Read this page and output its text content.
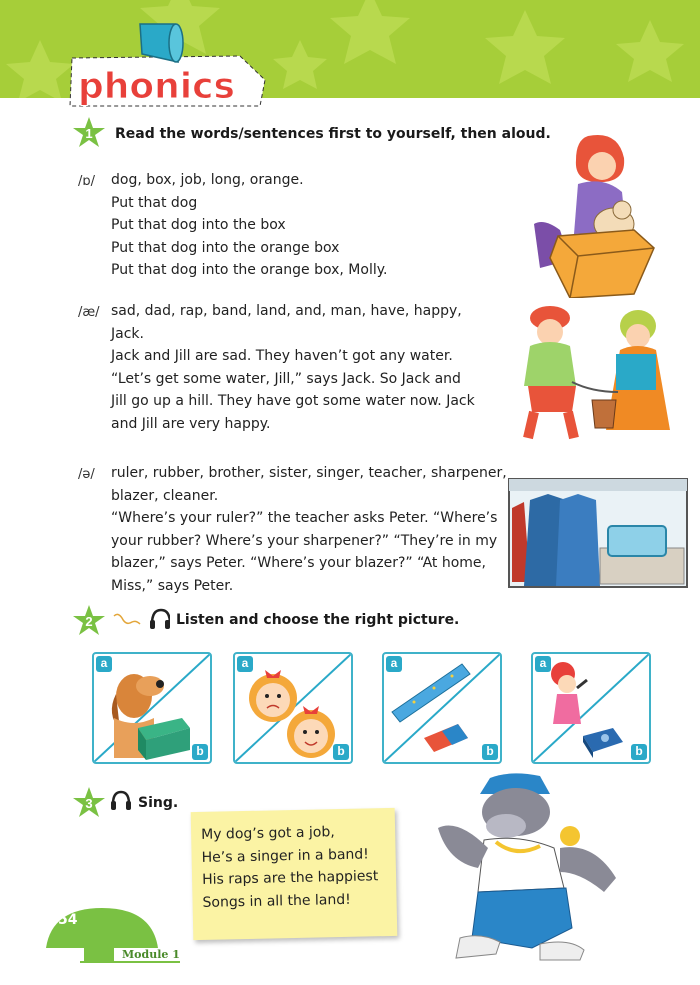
phonics
1 Read the words/sentences first to yourself, then aloud.
/ɒ/ dog, box, job, long, orange.
Put that dog
Put that dog into the box
Put that dog into the orange box
Put that dog into the orange box, Molly.
/æ/ sad, dad, rap, band, land, and, man, have, happy,
Jack.
Jack and Jill are sad. They haven’t got any water.
“Let’s get some water, Jill,” says Jack. So Jack and
Jill go up a hill. They have got some water now. Jack
and Jill are very happy.
/ə/ ruler, rubber, brother, sister, singer, teacher, sharpener,
blazer, cleaner.
“Where’s your ruler?” the teacher asks Peter. “Where’s
your rubber? Where’s your sharpener?” “They’re in my
blazer,” says Peter. “Where’s your blazer?” “At home,
Miss,” says Peter.
2	Listen and choose the right picture.
a
b
a
b
a
b
a
b
3	Sing.
My dog’s got a job,
He’s a singer in a band!
His raps are the happiest
Songs in all the land!
54
Module 1
